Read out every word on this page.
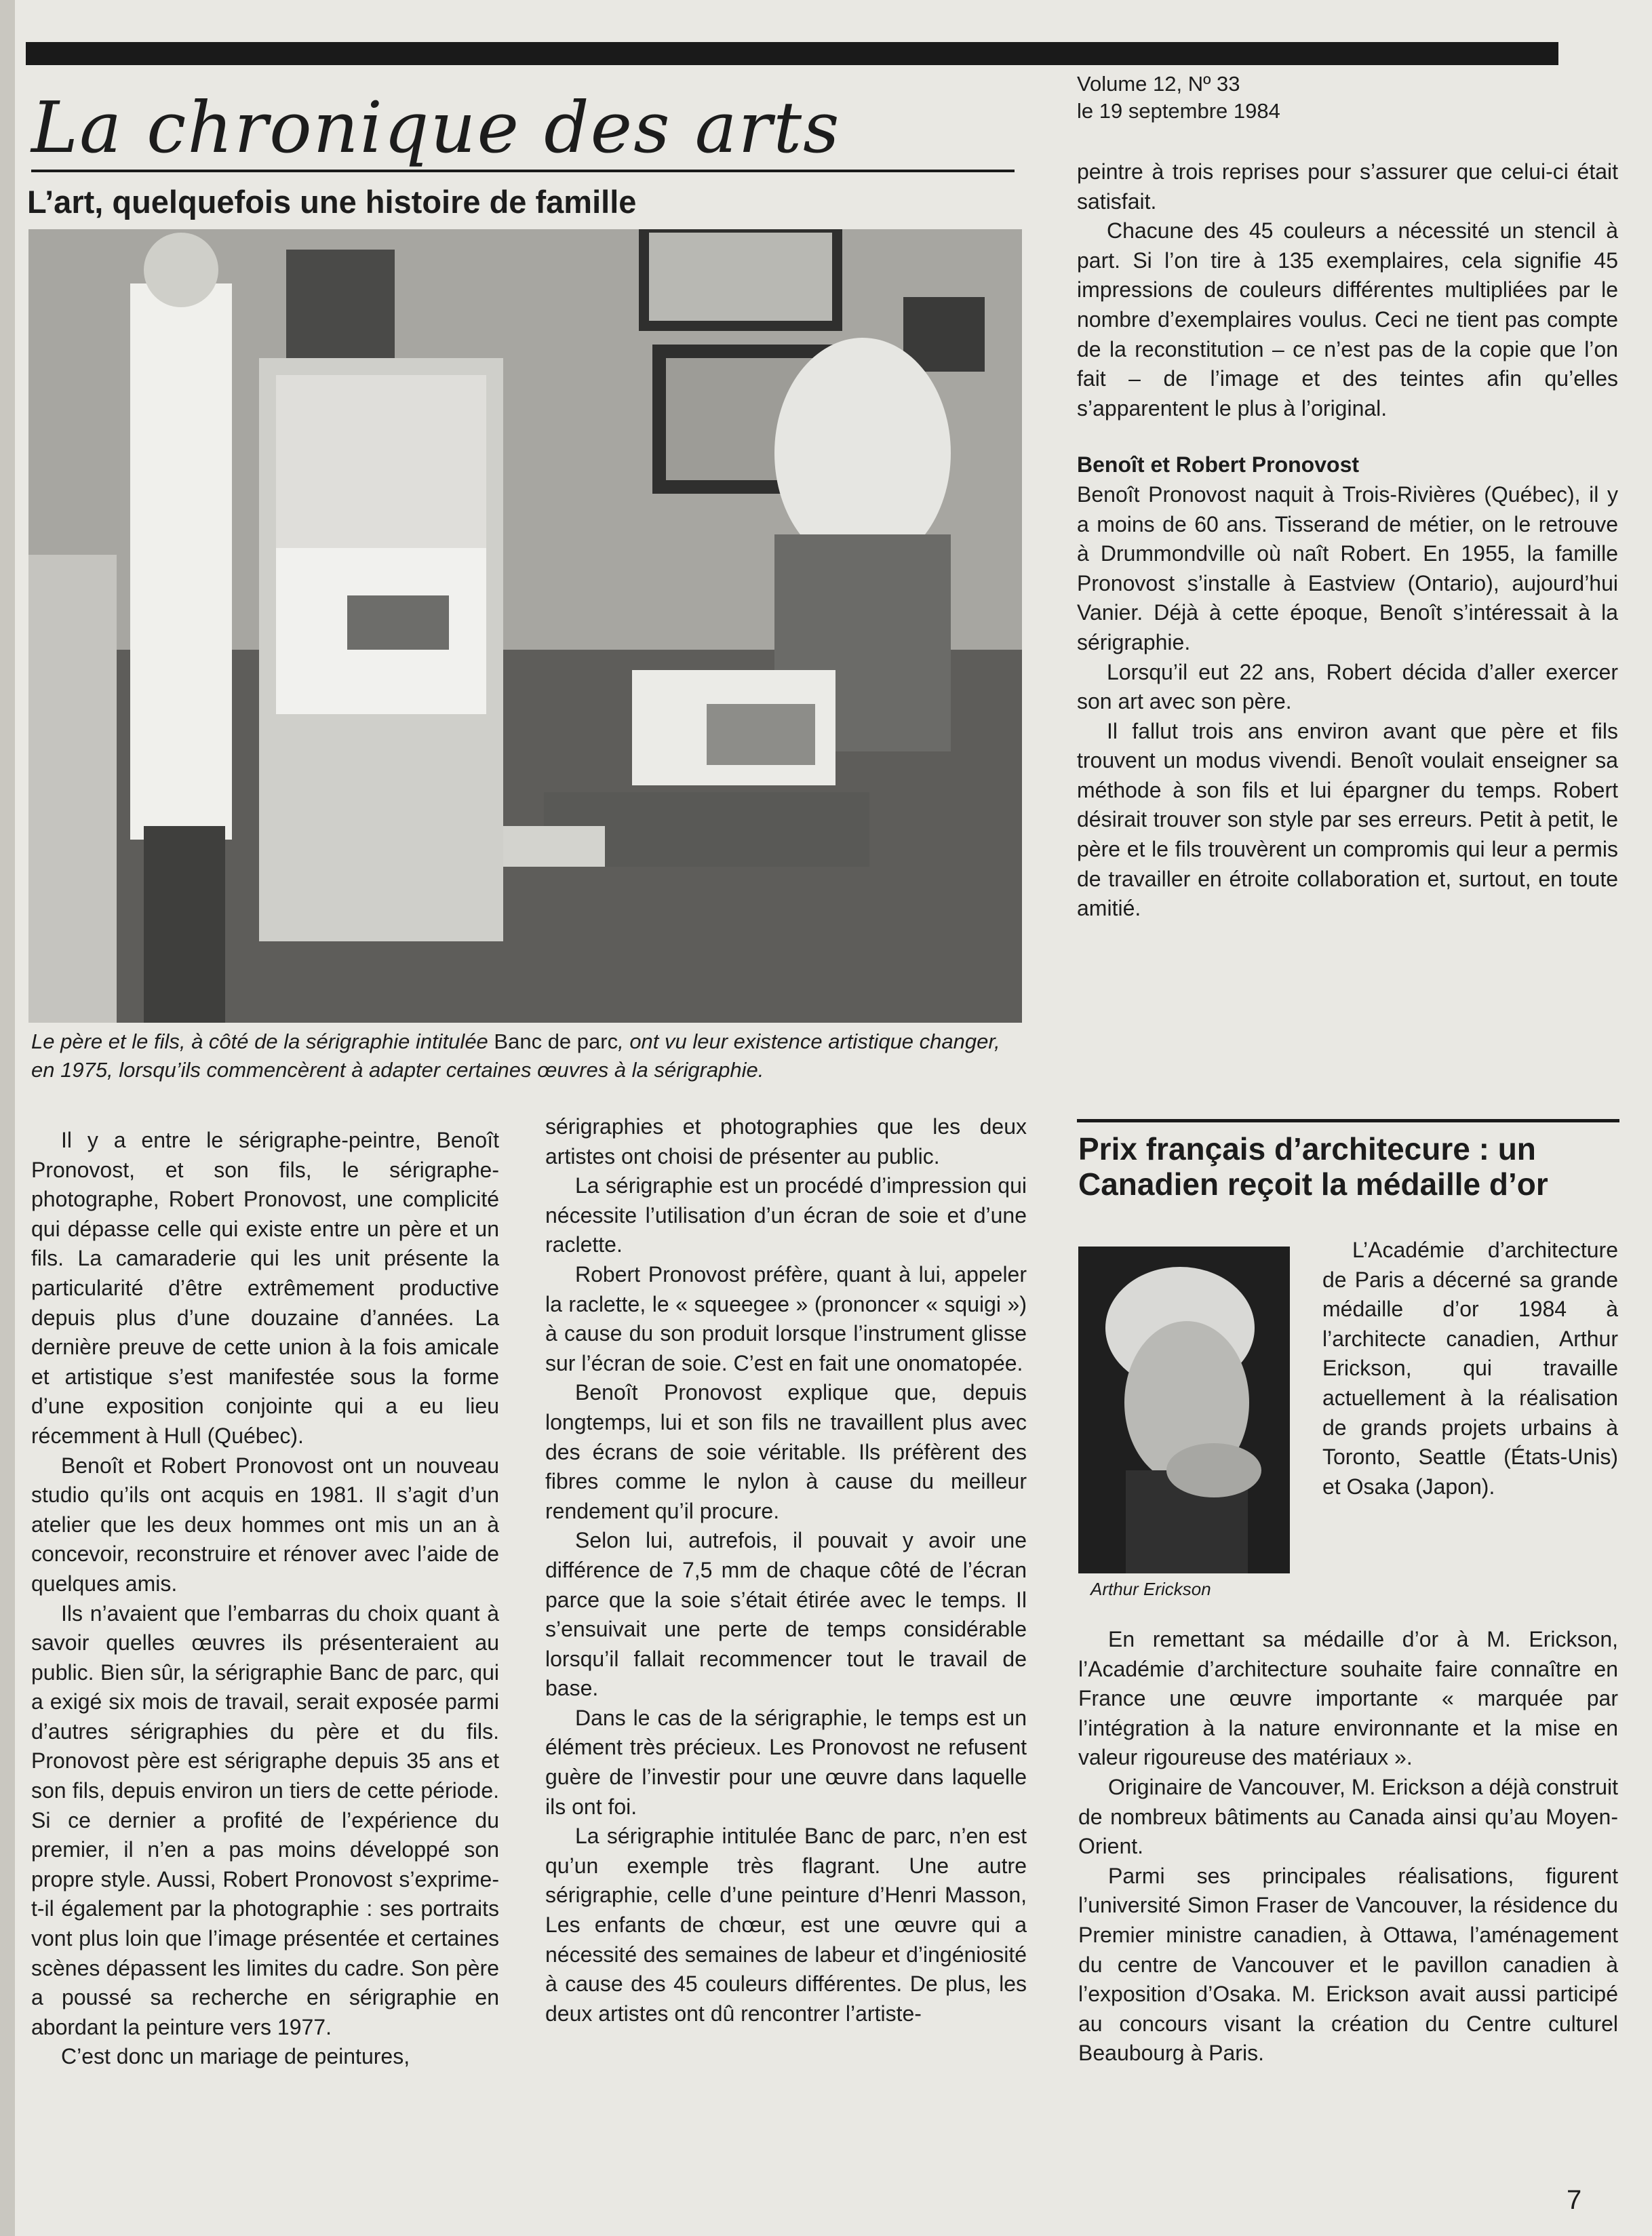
Volume 12, Nº 33
le 19 septembre 1984
La chronique des arts
L’art, quelquefois une histoire de famille
Le père et le fils, à côté de la sérigraphie intitulée Banc de parc, ont vu leur existence artistique changer, en 1975, lorsqu’ils commencèrent à adapter certaines œuvres à la sérigraphie.

Il y a entre le sérigraphe-peintre, Benoît Pronovost, et son fils, le sérigraphe-photographe, Robert Pronovost, une complicité qui dépasse celle qui existe entre un père et un fils. La camaraderie qui les unit présente la particularité d’être extrêmement productive depuis plus d’une douzaine d’années. La dernière preuve de cette union à la fois amicale et artistique s’est manifestée sous la forme d’une exposition conjointe qui a eu lieu récemment à Hull (Québec).

Benoît et Robert Pronovost ont un nouveau studio qu’ils ont acquis en 1981. Il s’agit d’un atelier que les deux hommes ont mis un an à concevoir, reconstruire et rénover avec l’aide de quelques amis.

Ils n’avaient que l’embarras du choix quant à savoir quelles œuvres ils présenteraient au public. Bien sûr, la sérigraphie Banc de parc, qui a exigé six mois de travail, serait exposée parmi d’autres sérigraphies du père et du fils. Pronovost père est sérigraphe depuis 35 ans et son fils, depuis environ un tiers de cette période. Si ce dernier a profité de l’expérience du premier, il n’en a pas moins développé son propre style. Aussi, Robert Pronovost s’exprime-t-il également par la photographie : ses portraits vont plus loin que l’image présentée et certaines scènes dépassent les limites du cadre. Son père a poussé sa recherche en sérigraphie en abordant la peinture vers 1977.

C’est donc un mariage de peintures,

sérigraphies et photographies que les deux artistes ont choisi de présenter au public.

La sérigraphie est un procédé d’impression qui nécessite l’utilisation d’un écran de soie et d’une raclette.

Robert Pronovost préfère, quant à lui, appeler la raclette, le « squeegee » (prononcer « squigi ») à cause du son produit lorsque l’instrument glisse sur l’écran de soie. C’est en fait une onomatopée.

Benoît Pronovost explique que, depuis longtemps, lui et son fils ne travaillent plus avec des écrans de soie véritable. Ils préfèrent des fibres comme le nylon à cause du meilleur rendement qu’il procure.

Selon lui, autrefois, il pouvait y avoir une différence de 7,5 mm de chaque côté de l’écran parce que la soie s’était étirée avec le temps. Il s’ensuivait une perte de temps considérable lorsqu’il fallait recommencer tout le travail de base.

Dans le cas de la sérigraphie, le temps est un élément très précieux. Les Pronovost ne refusent guère de l’investir pour une œuvre dans laquelle ils ont foi.

La sérigraphie intitulée Banc de parc, n’en est qu’un exemple très flagrant. Une autre sérigraphie, celle d’une peinture d’Henri Masson, Les enfants de chœur, est une œuvre qui a nécessité des semaines de labeur et d’ingéniosité à cause des 45 couleurs différentes. De plus, les deux artistes ont dû rencontrer l’artiste-

peintre à trois reprises pour s’assurer que celui-ci était satisfait.

Chacune des 45 couleurs a nécessité un stencil à part. Si l’on tire à 135 exemplaires, cela signifie 45 impressions de couleurs différentes multipliées par le nombre d’exemplaires voulus. Ceci ne tient pas compte de la reconstitution – ce n’est pas de la copie que l’on fait – de l’image et des teintes afin qu’elles s’apparentent le plus à l’original.

Benoît et Robert Pronovost

Benoît Pronovost naquit à Trois-Rivières (Québec), il y a moins de 60 ans. Tisserand de métier, on le retrouve à Drummondville où naît Robert. En 1955, la famille Pronovost s’installe à Eastview (Ontario), aujourd’hui Vanier. Déjà à cette époque, Benoît s’intéressait à la sérigraphie.

Lorsqu’il eut 22 ans, Robert décida d’aller exercer son art avec son père.

Il fallut trois ans environ avant que père et fils trouvent un modus vivendi. Benoît voulait enseigner sa méthode à son fils et lui épargner du temps. Robert désirait trouver son style par ses erreurs. Petit à petit, le père et le fils trouvèrent un compromis qui leur a permis de travailler en étroite collaboration et, surtout, en toute amitié.

Prix français d’architecure : un Canadien reçoit la médaille d’or
Arthur Erickson

L’Académie d’architecture de Paris a décerné sa grande médaille d’or 1984 à l’architecte canadien, Arthur Erickson, qui travaille actuellement à la réalisation de grands projets urbains à Toronto, Seattle (États-Unis) et Osaka (Japon).

En remettant sa médaille d’or à M. Erickson, l’Académie d’architecture souhaite faire connaître en France une œuvre importante « marquée par l’intégration à la nature environnante et la mise en valeur rigoureuse des matériaux ».

Originaire de Vancouver, M. Erickson a déjà construit de nombreux bâtiments au Canada ainsi qu’au Moyen-Orient.

Parmi ses principales réalisations, figurent l’université Simon Fraser de Vancouver, la résidence du Premier ministre canadien, à Ottawa, l’aménagement du centre de Vancouver et le pavillon canadien à l’exposition d’Osaka. M. Erickson avait aussi participé au concours visant la création du Centre culturel Beaubourg à Paris.

7
